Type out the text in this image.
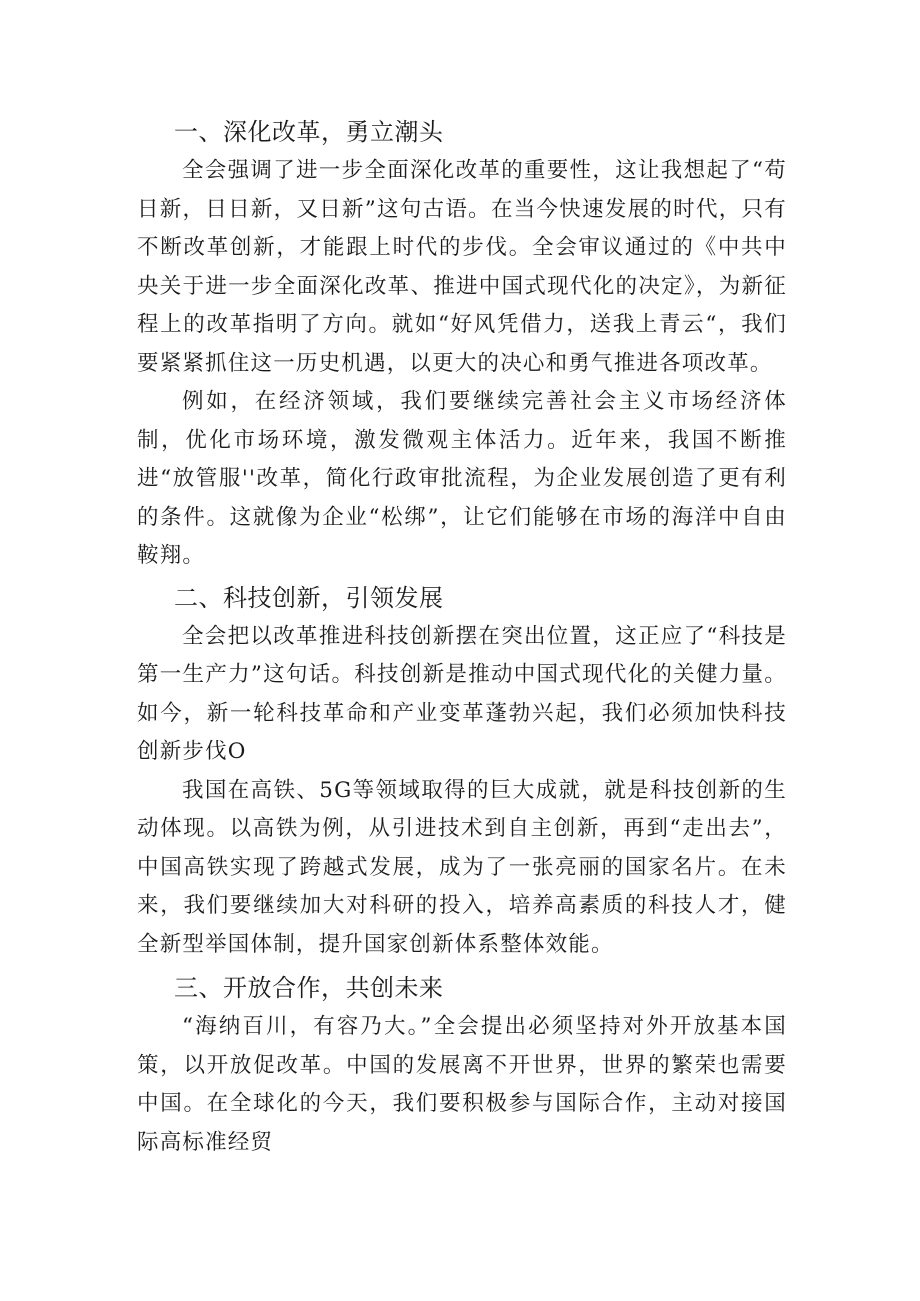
一、深化改革，勇立潮头

全会强调了进一步全面深化改革的重要性，这让我想起了“苟日新，日日新，又日新”这句古语。在当今快速发展的时代，只有不断改革创新，才能跟上时代的步伐。全会审议通过的《中共中央关于进一步全面深化改革、推进中国式现代化的决定》，为新征程上的改革指明了方向。就如“好风凭借力，送我上青云“，我们要紧紧抓住这一历史机遇，以更大的决心和勇气推进各项改革。

例如，在经济领域，我们要继续完善社会主义市场经济体制，优化市场环境，激发微观主体活力。近年来，我国不断推进“放管服''改革，简化行政审批流程，为企业发展创造了更有利的条件。这就像为企业“松绑”，让它们能够在市场的海洋中自由鞍翔。

二、科技创新，引领发展

全会把以改革推进科技创新摆在突出位置，这正应了“科技是第一生产力”这句话。科技创新是推动中国式现代化的关健力量。如今，新一轮科技革命和产业变革蓬勃兴起，我们必须加快科技创新步伐O

我国在高铁、5G等领域取得的巨大成就，就是科技创新的生动体现。以高铁为例，从引进技术到自主创新，再到“走出去”，中国高铁实现了跨越式发展，成为了一张亮丽的国家名片。在未来，我们要继续加大对科研的投入，培养高素质的科技人才，健全新型举国体制，提升国家创新体系整体效能。

三、开放合作，共创未来

“海纳百川，有容乃大。”全会提出必须坚持对外开放基本国策，以开放促改革。中国的发展离不开世界，世界的繁荣也需要中国。在全球化的今天，我们要积极参与国际合作，主动对接国际高标准经贸
